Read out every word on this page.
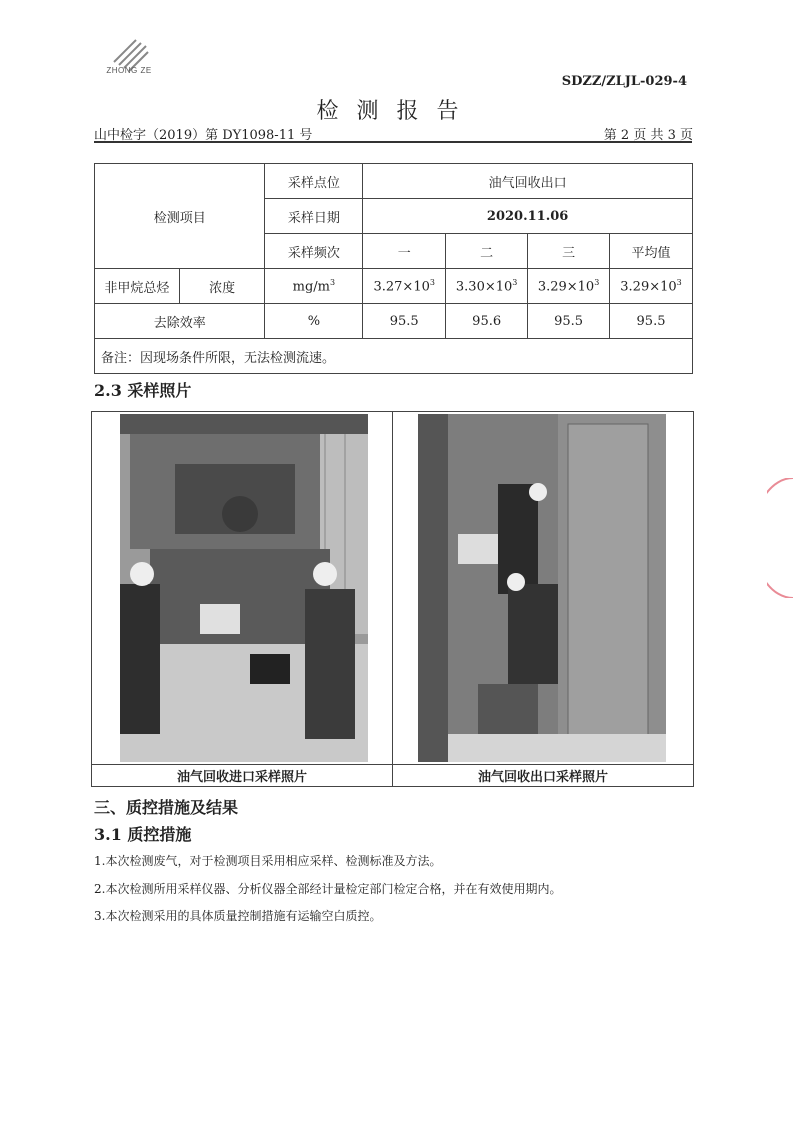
ZHONG ZE
SDZZ/ZLJL-029-4
检测报告
山中检字（2019）第 DY1098-11 号	第 2 页 共 3 页
检测项目		采样点位	油气回收出口			
		采样日期	2020.11.06			
		采样频次	一	二	三	平均值
非甲烷总烃	浓度	$mg/m^3$	$3.27\times 10^3$	$3.30\times 10^3$	$3.29\times 10^3$	$3.29\times 10^3$
去除效率		%	95.5	95.6	95.5	95.5
备注：因现场条件所限，无法检测流速。						
2.3 采样照片
油气回收进口采样照片	油气回收出口采样照片
三、质控措施及结果
3.1 质控措施
1.本次检测废气，对于检测项目采用相应采样、检测标准及方法。
2.本次检测所用采样仪器、分析仪器全部经计量检定部门检定合格，并在有效使用期内。
3.本次检测采用的具体质量控制措施有运输空白质控。
